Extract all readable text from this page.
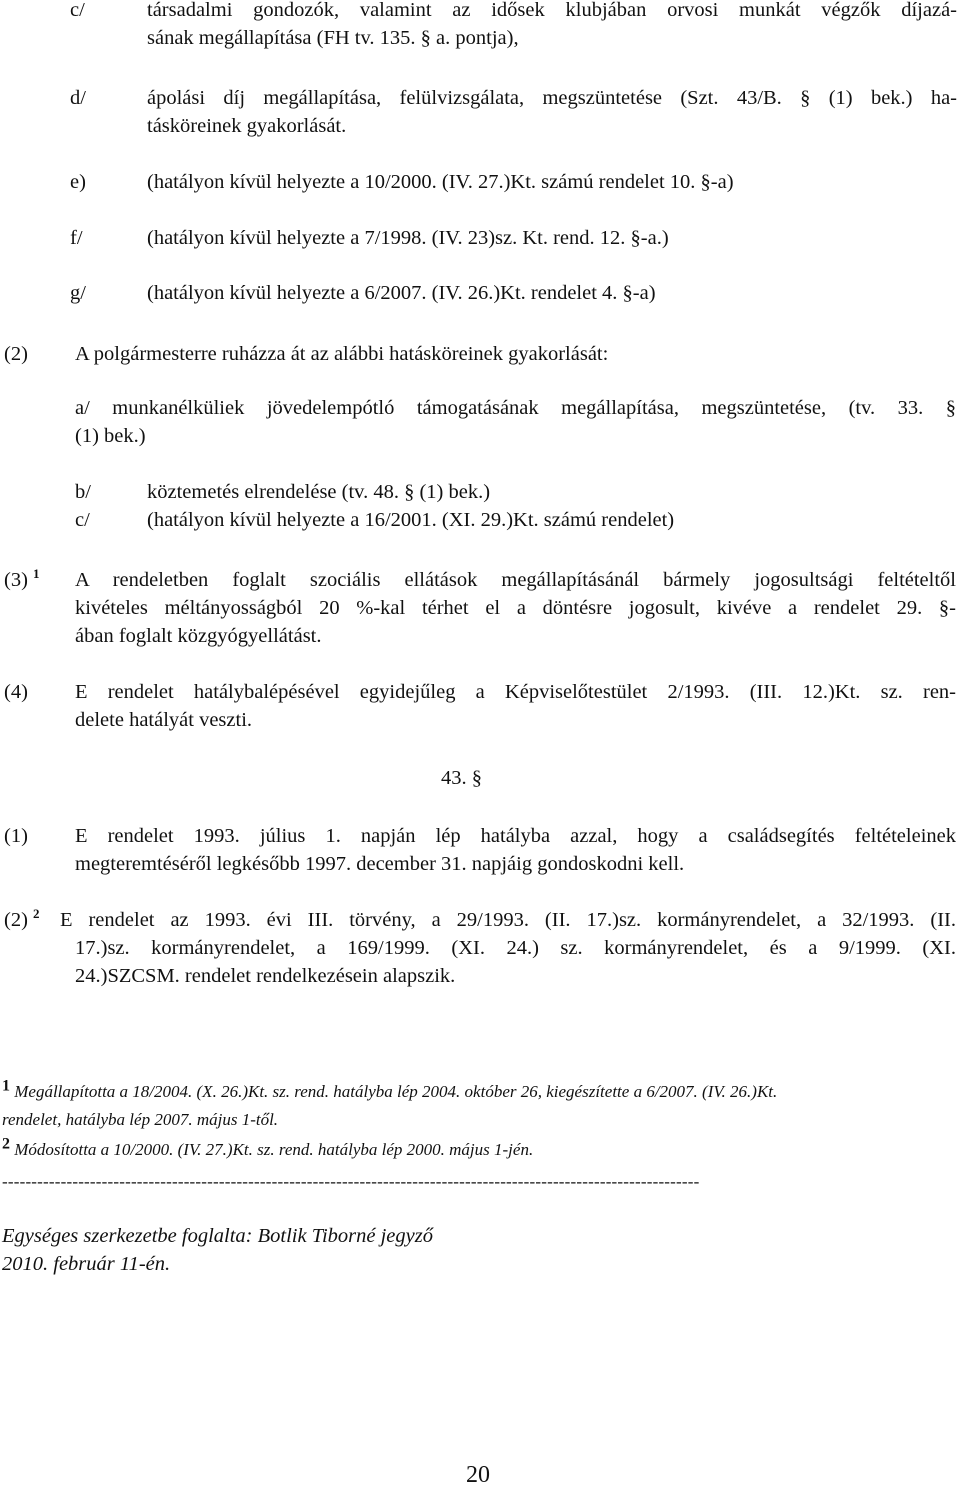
c/	társadalmi gondozók, valamint az idősek klubjában orvosi munkát végzők díjazá-
sának megállapítása (FH tv. 135. § a. pontja),
d/	ápolási díj megállapítása, felülvizsgálata, megszüntetése (Szt. 43/B. § (1) bek.) ha-
tásköreinek gyakorlását.
e)	(hatályon kívül helyezte a 10/2000. (IV. 27.)Kt. számú rendelet 10. §-a)
f/	(hatályon kívül helyezte a 7/1998. (IV. 23)sz. Kt. rend. 12. §-a.)
g/	(hatályon kívül helyezte a 6/2007. (IV. 26.)Kt. rendelet 4. §-a)
(2) A polgármesterre ruházza át az alábbi hatásköreinek gyakorlását:
a/ munkanélküliek jövedelempótló támogatásának megállapítása, megszüntetése, (tv. 33. §
(1) bek.)
b/	köztemetés elrendelése (tv. 48. § (1) bek.)
c/	(hatályon kívül helyezte a 16/2001. (XI. 29.)Kt. számú rendelet)
(3) $^1$ A rendeletben foglalt szociális ellátások megállapításánál bármely jogosultsági feltételtől
kivételes méltányosságból 20 %-kal térhet el a döntésre jogosult, kivéve a rendelet 29. §-
ában foglalt közgyógyellátást.
(4) E rendelet hatálybalépésével egyidejűleg a Képviselőtestület 2/1993. (III. 12.)Kt. sz. ren-
delete hatályát veszti.
43. §
(1) E rendelet 1993. július 1. napján lép hatályba azzal, hogy a családsegítés feltételeinek
megteremtéséről legkésőbb 1997. december 31. napjáig gondoskodni kell.
(2) $^2$ E rendelet az 1993. évi III. törvény, a 29/1993. (II. 17.)sz. kormányrendelet, a 32/1993. (II.
17.)sz. kormányrendelet, a 169/1999. (XI. 24.) sz. kormányrendelet, és a 9/1999. (XI.
24.)SZCSM. rendelet rendelkezésein alapszik.
$^1$ Megállapította a 18/2004. (X. 26.)Kt. sz. rend. hatályba lép 2004. október 26, kiegészítette a 6/2007. (IV. 26.)Kt.
rendelet, hatályba lép 2007. május 1-től.
$^2$ Módosította a 10/2000. (IV. 27.)Kt. sz. rend. hatályba lép 2000. május 1-jén.
-----------------------------------------------------------------------------------------------------------------------
Egységes szerkezetbe foglalta: Botlik Tiborné jegyző
2010. február 11-én.
20
